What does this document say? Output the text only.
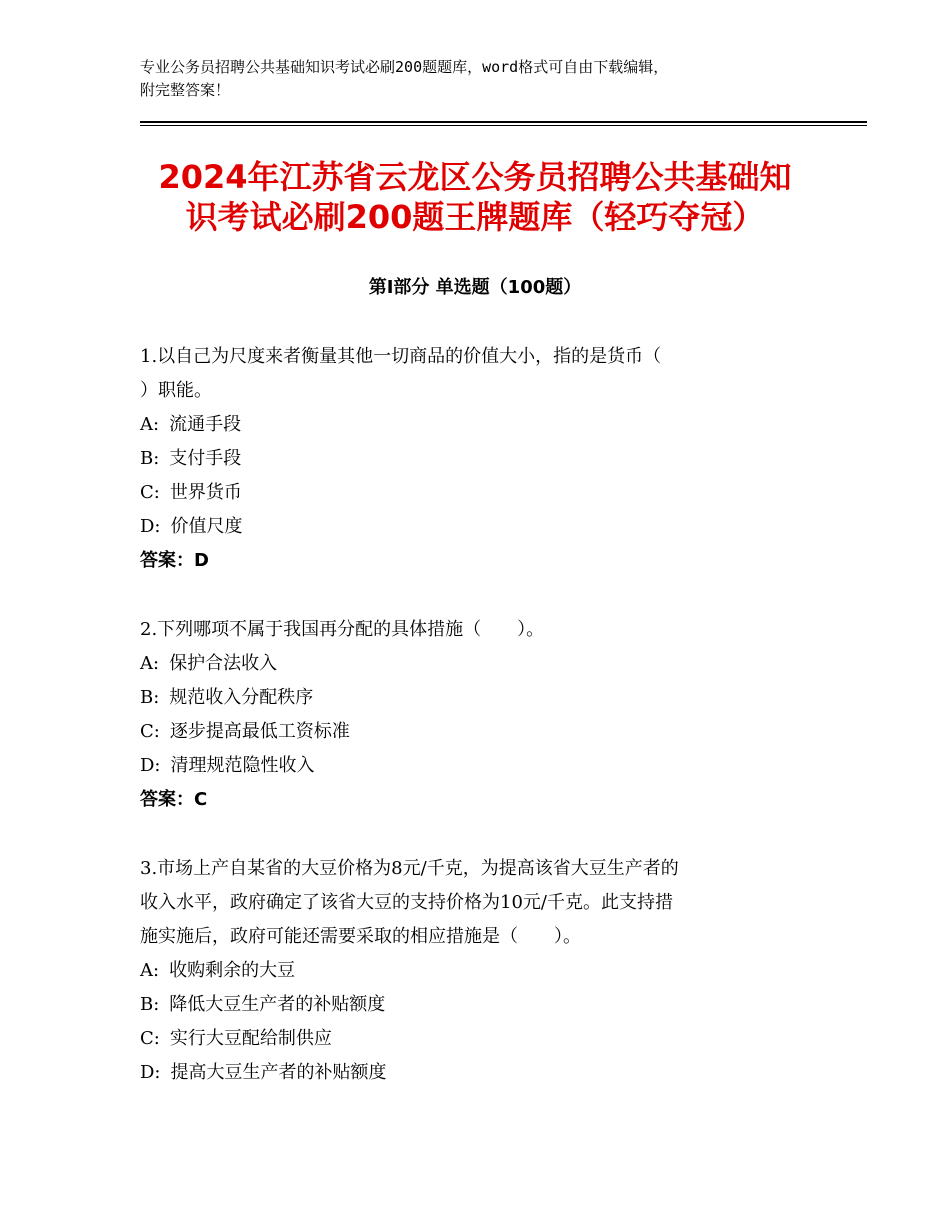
专业公务员招聘公共基础知识考试必刷200题题库，word格式可自由下载编辑，
附完整答案！
2024年江苏省云龙区公务员招聘公共基础知
识考试必刷200题王牌题库（轻巧夺冠）
第Ⅰ部分 单选题（100题）

1.以自己为尺度来者衡量其他一切商品的价值大小，指的是货币（

）职能。

A: 流通手段

B: 支付手段

C: 世界货币

D: 价值尺度

答案：D

2.下列哪项不属于我国再分配的具体措施（　　）。

A: 保护合法收入

B: 规范收入分配秩序

C: 逐步提高最低工资标准

D: 清理规范隐性收入

答案：C

3.市场上产自某省的大豆价格为8元/千克，为提高该省大豆生产者的

收入水平，政府确定了该省大豆的支持价格为10元/千克。此支持措

施实施后，政府可能还需要采取的相应措施是（　　）。

A: 收购剩余的大豆

B: 降低大豆生产者的补贴额度

C: 实行大豆配给制供应

D: 提高大豆生产者的补贴额度
